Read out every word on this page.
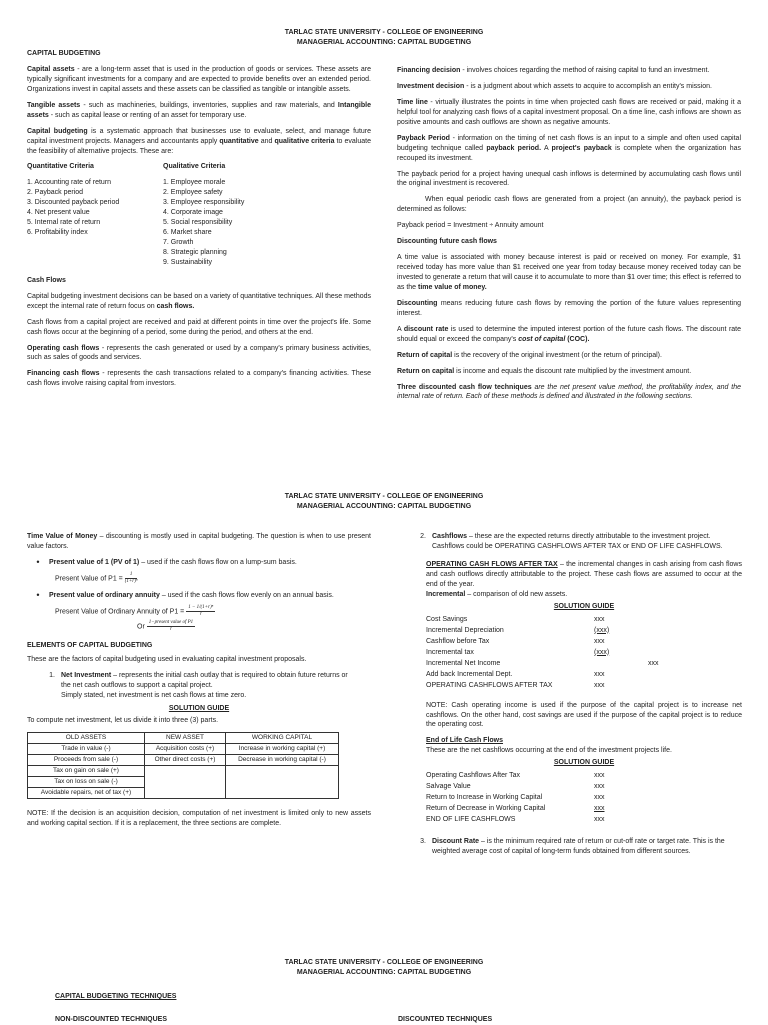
TARLAC STATE UNIVERSITY - COLLEGE OF ENGINEERING
MANAGERIAL ACCOUNTING: CAPITAL BUDGETING
CAPITAL BUDGETING

Capital assets - are a long-term asset that is used in the production of goods or services. These assets are typically significant investments for a company and are expected to provide benefits over an extended period. Organizations invest in capital assets and these assets can be classified as tangible or intangible assets.

Tangible assets - such as machineries, buildings, inventories, supplies and raw materials, and Intangible assets - such as capital lease or renting of an asset for temporary use.

Capital budgeting is a systematic approach that businesses use to evaluate, select, and manage future capital investment projects. Managers and accountants apply quantitative and qualitative criteria to evaluate the feasibility of alternative projects. These are:

Quantitative Criteria
1. Accounting rate of return
2. Payback period
3. Discounted payback period
4. Net present value
5. Internal rate of return
6. Profitability index
Qualitative Criteria
1. Employee morale
2. Employee safety
3. Employee responsibility
4. Corporate image
5. Social responsibility
6. Market share
7. Growth
8. Strategic planning
9. Sustainability
Cash Flows

Capital budgeting investment decisions can be based on a variety of quantitative techniques. All these methods except the internal rate of return focus on cash flows.

Cash flows from a capital project are received and paid at different points in time over the project's life. Some cash flows occur at the beginning of a period, some during the period, and others at the end.

Operating cash flows - represents the cash generated or used by a company's primary business activities, such as sales of goods and services.

Financing cash flows - represents the cash transactions related to a company's financing activities. These cash flows involve raising capital from investors.

Financing decision - involves choices regarding the method of raising capital to fund an investment.

Investment decision - is a judgment about which assets to acquire to accomplish an entity's mission.

Time line - virtually illustrates the points in time when projected cash flows are received or paid, making it a helpful tool for analyzing cash flows of a capital investment proposal. On a time line, cash inflows are shown as positive amounts and cash outflows are shown as negative amounts.

Payback Period - information on the timing of net cash flows is an input to a simple and often used capital budgeting technique called payback period. A project's payback is complete when the organization has recouped its investment.

The payback period for a project having unequal cash inflows is determined by accumulating cash flows until the original investment is recovered.

When equal periodic cash flows are generated from a project (an annuity), the payback period is determined as follows:

Payback period = Investment ÷ Annuity amount

Discounting future cash flows

A time value is associated with money because interest is paid or received on money. For example, $1 received today has more value than $1 received one year from today because money received today can be invested to generate a return that will cause it to accumulate to more than $1 over time; this effect is referred to as the time value of money.

Discounting means reducing future cash flows by removing the portion of the future values representing interest.

A discount rate is used to determine the imputed interest portion of the future cash flows. The discount rate should equal or exceed the company's cost of capital (COC).

Return of capital is the recovery of the original investment (or the return of principal).

Return on capital is income and equals the discount rate multiplied by the investment amount.

Three discounted cash flow techniques are the net present value method, the profitability index, and the internal rate of return. Each of these methods is defined and illustrated in the following sections.

TARLAC STATE UNIVERSITY - COLLEGE OF ENGINEERING
MANAGERIAL ACCOUNTING: CAPITAL BUDGETING

Time Value of Money – discounting is mostly used in capital budgeting. The question is when to use present value factors.

•	Present value of 1 (PV of 1) – used if the cash flows flow on a lump-sum basis.
Present Value of $P1 = \frac{1}{\text{(1+r)ⁿ}}$
•	Present value of ordinary annuity – used if the cash flows flow evenly on an annual basis.
Present Value of Ordinary Annuity of $P1 = \frac{\text{1 − 1/(1+r)ⁿ}}{r}$
Or $\frac{\text{1−present value of P1}}{r}$
ELEMENTS OF CAPITAL BUDGETING

These are the factors of capital budgeting used in evaluating capital investment proposals.

1. Net Investment – represents the initial cash outlay that is required to obtain future returns or the net cash outflows to support a capital project.
Simply stated, net investment is net cash flows at time zero.
SOLUTION GUIDE

To compute net investment, let us divide it into three (3) parts.

OLD ASSETS	NEW ASSET	WORKING CAPITAL
Trade in value (-)	Acquisition costs (+)	Increase in working capital (+)
Proceeds from sale (-)	Other direct costs (+)	Decrease in working capital (-)
Tax on gain on sale (+)		
Tax on loss on sale (-)		
Avoidable repairs, net of tax (+)		

NOTE: If the decision is an acquisition decision, computation of net investment is limited only to new assets and working capital section. If it is a replacement, the three sections are complete.

2. Cashflows – these are the expected returns directly attributable to the investment project. Cashflows could be OPERATING CASHFLOWS AFTER TAX or END OF LIFE CASHFLOWS.

OPERATING CASH FLOWS AFTER TAX – the incremental changes in cash arising from cash flows and cash outflows directly attributable to the project. These cash flows are assumed to occur at the end of the year.

Incremental – comparison of old new assets.
SOLUTION GUIDE
Cost Savings	xxx	
Incremental Depreciation	(xxx)	
Cashflow before Tax	xxx	
Incremental tax	(xxx)	
Incremental Net Income		xxx
Add back Incremental Dept.	xxx	
OPERATING CASHFLOWS AFTER TAX	xxx	

NOTE: Cash operating income is used if the purpose of the capital project is to increase net cashflows. On the other hand, cost savings are used if the purpose of the capital project is to reduce the operating cost.

End of Life Cash Flows
These are the net cashflows occurring at the end of the investment projects life.
SOLUTION GUIDE
Operating Cashflows After Tax	xxx	
Salvage Value	xxx	
Return to Increase in Working Capital	xxx	
Return of Decrease in Working Capital	xxx	
END OF LIFE CASHFLOWS	xxx	
3. Discount Rate – is the minimum required rate of return or cut-off rate or target rate. This is the weighted average cost of capital of long-term funds obtained from different sources.
TARLAC STATE UNIVERSITY - COLLEGE OF ENGINEERING
MANAGERIAL ACCOUNTING: CAPITAL BUDGETING
CAPITAL BUDGETING TECHNIQUES
NON-DISCOUNTED TECHNIQUES	DISCOUNTED TECHNIQUES
